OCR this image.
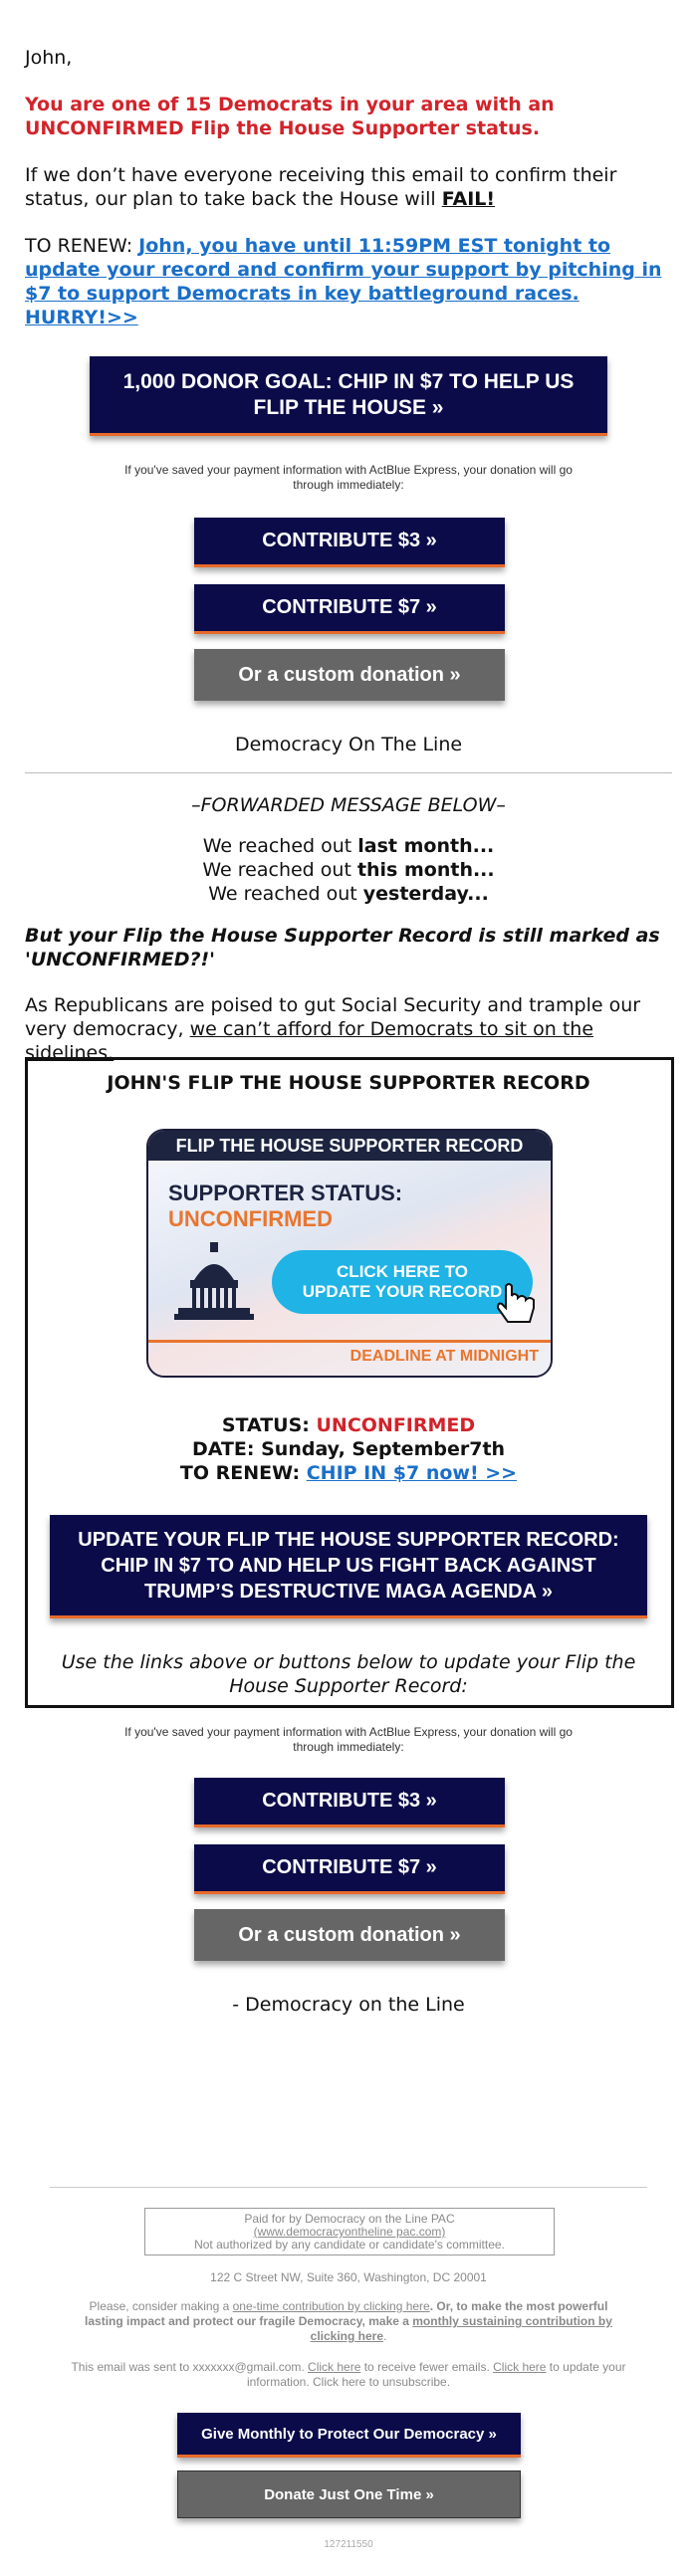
John,
You are one of 15 Democrats in your area with an UNCONFIRMED Flip the House Supporter status.
If we don’t have everyone receiving this email to confirm their status, our plan to take back the House will FAIL!
TO RENEW: John, you have until 11:59PM EST tonight to update your record and confirm your support by pitching in $7 to support Democrats in key battleground races. HURRY!>>
1,000 DONOR GOAL: CHIP IN $7 TO HELP US FLIP THE HOUSE »
If you've saved your payment information with ActBlue Express, your donation will go through immediately:
CONTRIBUTE $3 »
CONTRIBUTE $7 »
Or a custom donation »
Democracy On The Line
–FORWARDED MESSAGE BELOW–
We reached out last month...
We reached out this month...
We reached out yesterday...
But your Flip the House Supporter Record is still marked as 'UNCONFIRMED?!'
As Republicans are poised to gut Social Security and trample our very democracy, we can’t afford for Democrats to sit on the sidelines.
JOHN'S FLIP THE HOUSE SUPPORTER RECORD
FLIP THE HOUSE SUPPORTER RECORD
SUPPORTER STATUS:
UNCONFIRMED
CLICK HERE TO UPDATE YOUR RECORD
DEADLINE AT MIDNIGHT
STATUS: UNCONFIRMED
DATE: Sunday, September7th
TO RENEW: CHIP IN $7 now! >>
UPDATE YOUR FLIP THE HOUSE SUPPORTER RECORD: CHIP IN $7 TO AND HELP US FIGHT BACK AGAINST TRUMP’S DESTRUCTIVE MAGA AGENDA »
Use the links above or buttons below to update your Flip the House Supporter Record:
If you've saved your payment information with ActBlue Express, your donation will go through immediately:
CONTRIBUTE $3 »
CONTRIBUTE $7 »
Or a custom donation »
- Democracy on the Line
Paid for by Democracy on the Line PAC
(www.democracyontheline pac.com)
Not authorized by any candidate or candidate's committee.
122 C Street NW, Suite 360, Washington, DC 20001
Please, consider making a one-time contribution by clicking here. Or, to make the most powerful lasting impact and protect our fragile Democracy, make a monthly sustaining contribution by clicking here.
This email was sent to xxxxxxx@gmail.com. Click here to receive fewer emails. Click here to update your information. Click here to unsubscribe.
Give Monthly to Protect Our Democracy »
Donate Just One Time »
127211550
